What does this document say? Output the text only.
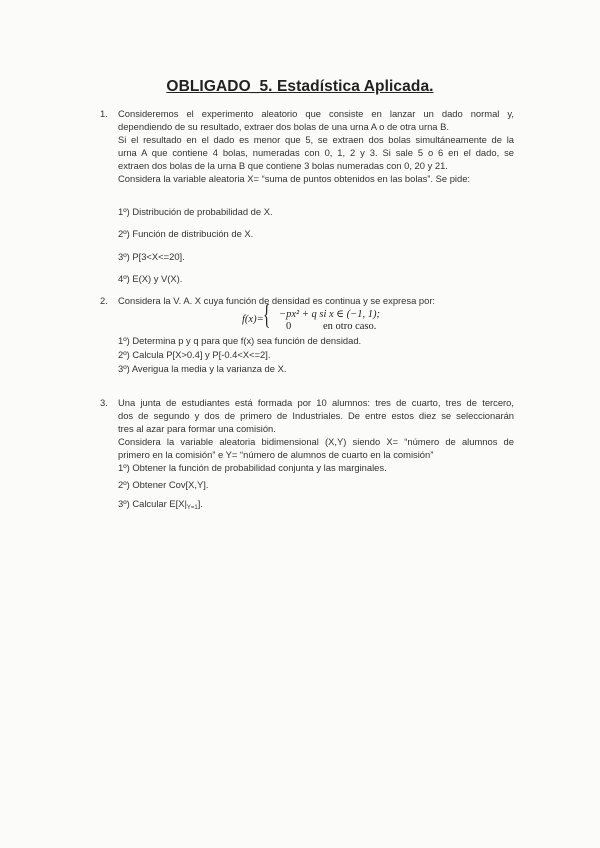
OBLIGADO_5. Estadística Aplicada.
1. Consideremos el experimento aleatorio que consiste en lanzar un dado normal y,
dependiendo de su resultado, extraer dos bolas de una urna A o de otra urna B.
Si el resultado en el dado es menor que 5, se extraen dos bolas simultáneamente de la
urna A que contiene 4 bolas, numeradas con 0, 1, 2 y 3. Si sale 5 o 6 en el dado, se
extraen dos bolas de la urna B que contiene 3 bolas numeradas con 0, 20 y 21.
Considera la variable aleatoria X= “suma de puntos obtenidos en las bolas”. Se pide:
1º) Distribución de probabilidad de X.
2º) Función de distribución de X.
3º) P[3<X<=20].
4º) E(X) y V(X).
2. Considera la V. A. X cuya función de densidad es continua y se expresa por:
f(x)= { −px² + q si x ∈ (−1, 1);
0	en otro caso.
1º) Determina p y q para que f(x) sea función de densidad.
2º) Calcula P[X>0.4] y P[-0.4<X<=2].
3º) Averigua la media y la varianza de X.
3. Una junta de estudiantes está formada por 10 alumnos: tres de cuarto, tres de tercero,
dos de segundo y dos de primero de Industriales. De entre estos diez se seleccionarán
tres al azar para formar una comisión.
Considera la variable aleatoria bidimensional (X,Y) siendo X= “número de alumnos de
primero en la comisión” e Y= “número de alumnos de cuarto en la comisión”
1º) Obtener la función de probabilidad conjunta y las marginales.
2º) Obtener Cov[X,Y].
3º) Calcular $E[X|_{Y=1}]$.
